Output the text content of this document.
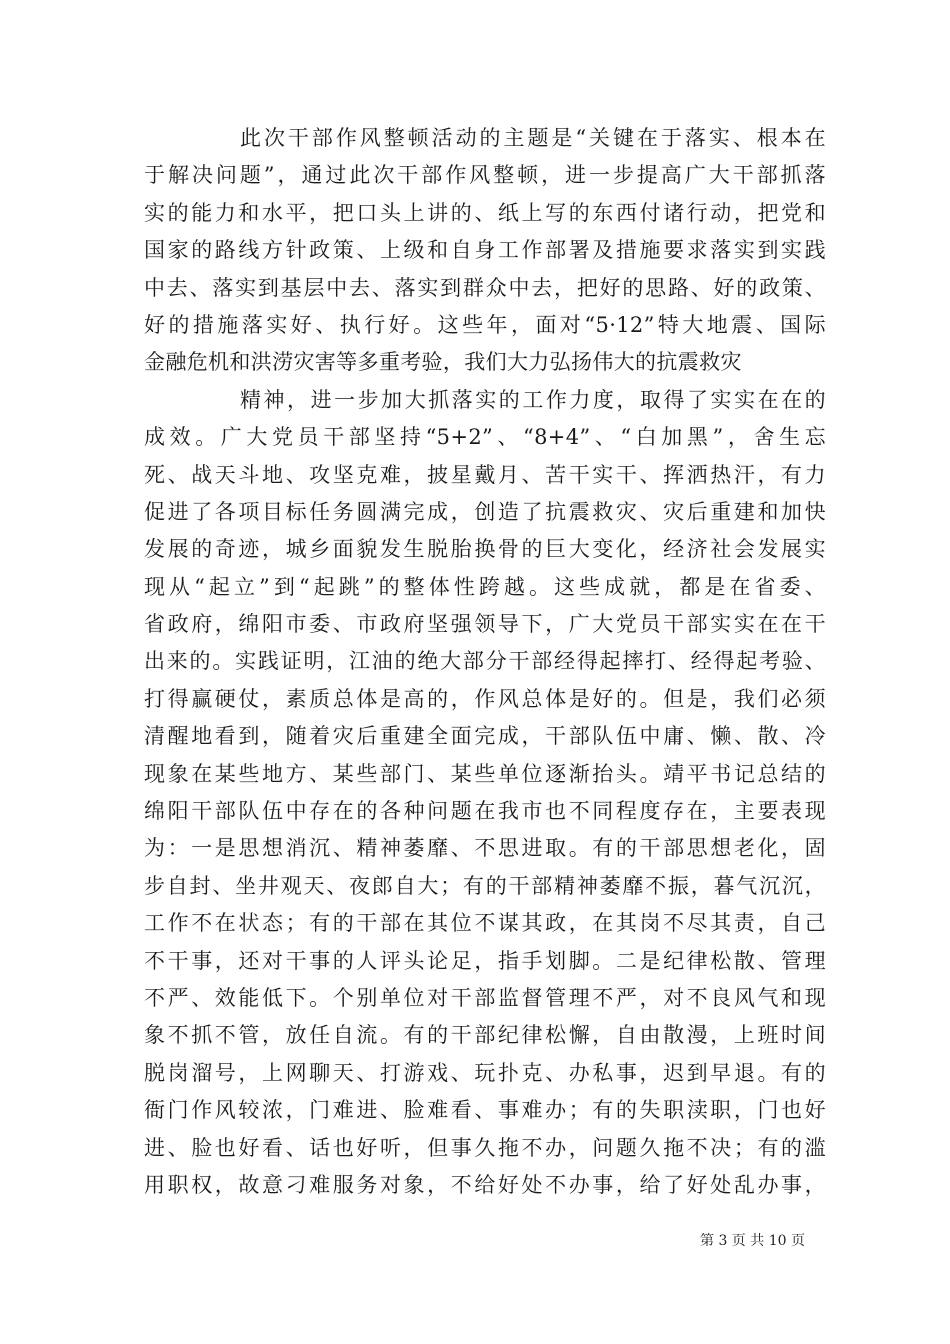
此次干部作风整顿活动的主题是“关键在于落实、根本在
于解决问题”，通过此次干部作风整顿，进一步提高广大干部抓落
实的能力和水平，把口头上讲的、纸上写的东西付诸行动，把党和
国家的路线方针政策、上级和自身工作部署及措施要求落实到实践
中去、落实到基层中去、落实到群众中去，把好的思路、好的政策、
好的措施落实好、执行好。这些年，面对“5·12”特大地震、国际
金融危机和洪涝灾害等多重考验，我们大力弘扬伟大的抗震救灾
精神，进一步加大抓落实的工作力度，取得了实实在在的
成效。广大党员干部坚持“5+2”、“8+4”、“白加黑”，舍生忘
死、战天斗地、攻坚克难，披星戴月、苦干实干、挥洒热汗，有力
促进了各项目标任务圆满完成，创造了抗震救灾、灾后重建和加快
发展的奇迹，城乡面貌发生脱胎换骨的巨大变化，经济社会发展实
现从“起立”到“起跳”的整体性跨越。这些成就，都是在省委、
省政府，绵阳市委、市政府坚强领导下，广大党员干部实实在在干
出来的。实践证明，江油的绝大部分干部经得起摔打、经得起考验、
打得赢硬仗，素质总体是高的，作风总体是好的。但是，我们必须
清醒地看到，随着灾后重建全面完成，干部队伍中庸、懒、散、冷
现象在某些地方、某些部门、某些单位逐渐抬头。靖平书记总结的
绵阳干部队伍中存在的各种问题在我市也不同程度存在，主要表现
为：一是思想消沉、精神萎靡、不思进取。有的干部思想老化，固
步自封、坐井观天、夜郎自大；有的干部精神萎靡不振，暮气沉沉，
工作不在状态；有的干部在其位不谋其政，在其岗不尽其责，自己
不干事，还对干事的人评头论足，指手划脚。二是纪律松散、管理
不严、效能低下。个别单位对干部监督管理不严，对不良风气和现
象不抓不管，放任自流。有的干部纪律松懈，自由散漫，上班时间
脱岗溜号，上网聊天、打游戏、玩扑克、办私事，迟到早退。有的
衙门作风较浓，门难进、脸难看、事难办；有的失职渎职，门也好
进、脸也好看、话也好听，但事久拖不办，问题久拖不决；有的滥
用职权，故意刁难服务对象，不给好处不办事，给了好处乱办事，
第 3 页 共 10 页
